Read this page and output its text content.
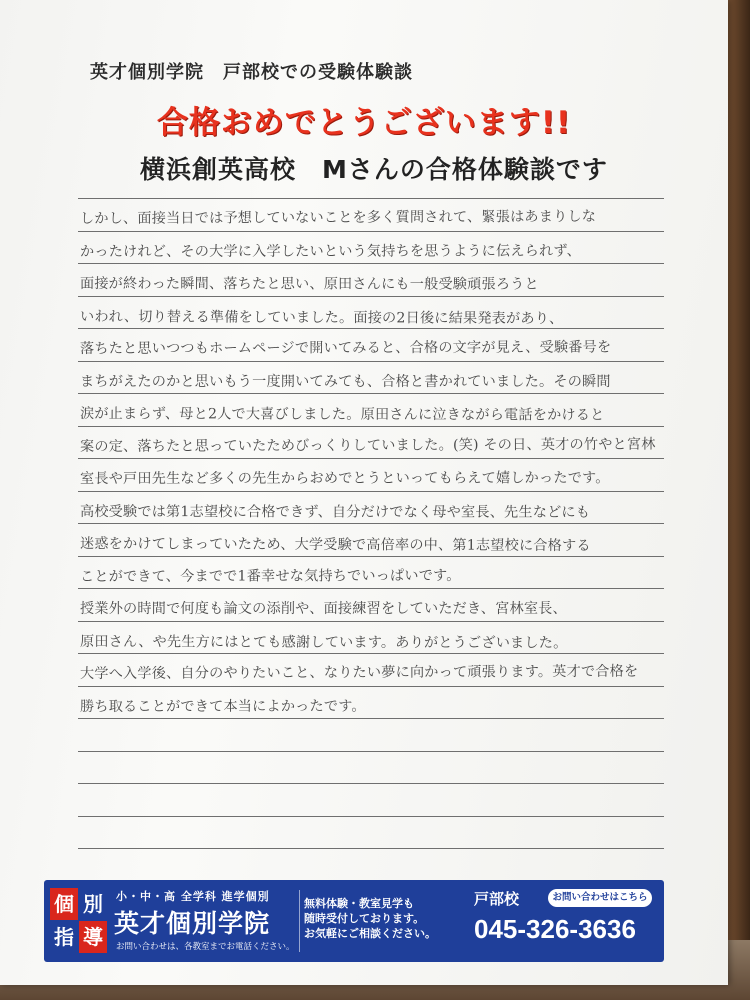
英才個別学院　戸部校での受験体験談
合格おめでとうございます!!
横浜創英高校　Mさんの合格体験談です
しかし、面接当日では予想していないことを多く質問されて、緊張はあまりしな
かったけれど、その大学に入学したいという気持ちを思うように伝えられず、
面接が終わった瞬間、落ちたと思い、原田さんにも一般受験頑張ろうと
いわれ、切り替える準備をしていました。面接の2日後に結果発表があり、
落ちたと思いつつもホームページで開いてみると、合格の文字が見え、受験番号を
まちがえたのかと思いもう一度開いてみても、合格と書かれていました。その瞬間
涙が止まらず、母と2人で大喜びしました。原田さんに泣きながら電話をかけると
案の定、落ちたと思っていたためびっくりしていました。(笑) その日、英才の竹やと宮林
室長や戸田先生など多くの先生からおめでとうといってもらえて嬉しかったです。
高校受験では第1志望校に合格できず、自分だけでなく母や室長、先生などにも
迷惑をかけてしまっていたため、大学受験で高倍率の中、第1志望校に合格する
ことができて、今までで1番幸せな気持ちでいっぱいです。
授業外の時間で何度も論文の添削や、面接練習をしていただき、宮林室長、
原田さん、や先生方にはとても感謝しています。ありがとうございました。
大学へ入学後、自分のやりたいこと、なりたい夢に向かって頑張ります。英才で合格を
勝ち取ることができて本当によかったです。
個 別
指 導
小・中・高 全学科 進学個別
英才個別学院
お問い合わせは、各教室までお電話ください。
無料体験・教室見学も
随時受付しております。
お気軽にご相談ください。
戸部校	お問い合わせはこちら
045-326-3636
